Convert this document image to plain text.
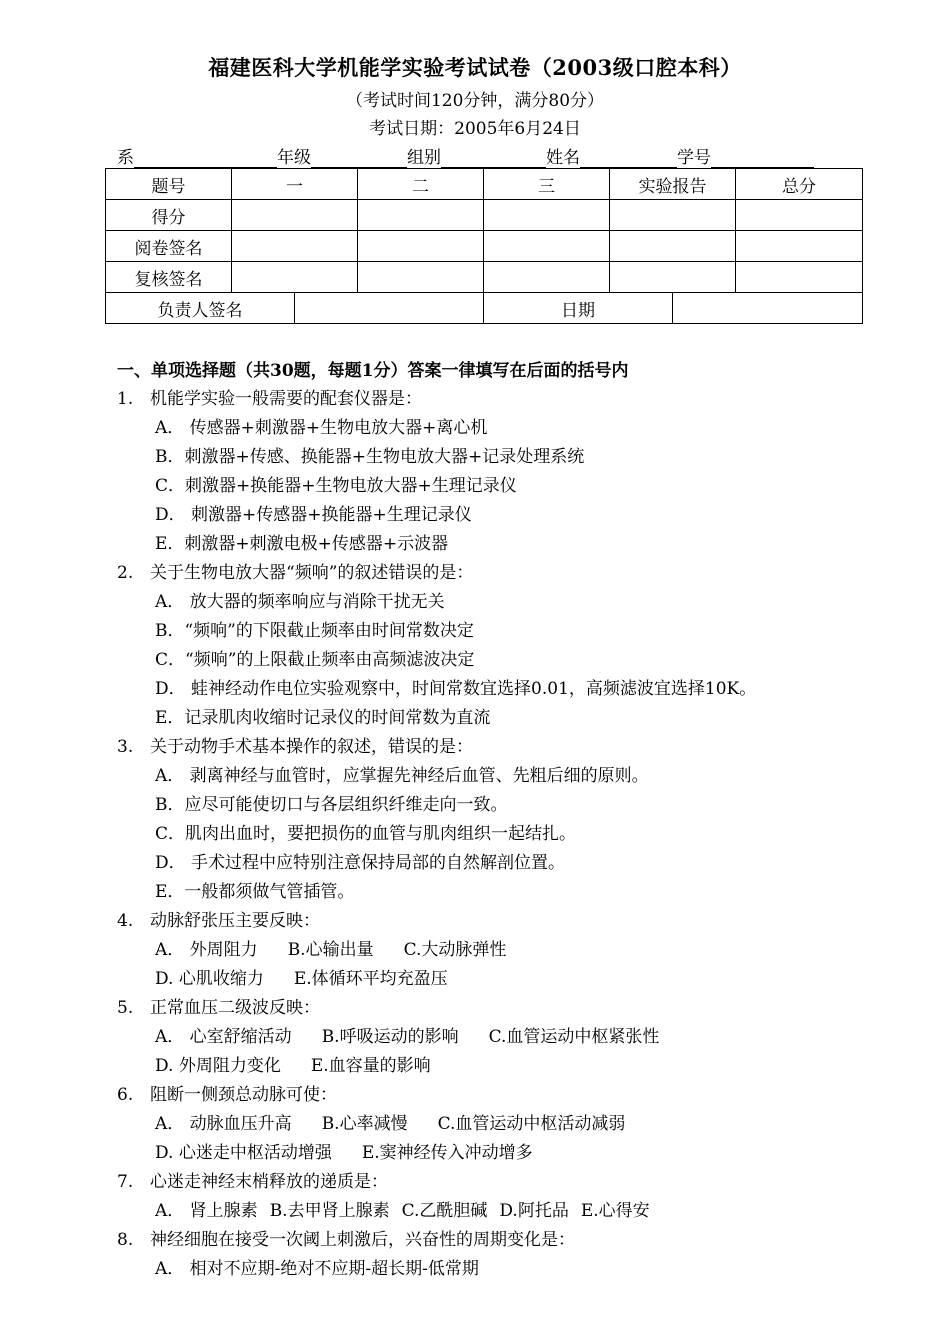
福建医科大学机能学实验考试试卷（2003级口腔本科）
（考试时间120分钟，满分80分）
考试日期：2005年6月24日
系	年级	组别	姓名	学号
题号	一		二	三	实验报告		总分
得分							
阅卷签名							
复核签名							
负责人签名				日期			
一、单项选择题（共30题，每题1分）答案一律填写在后面的括号内
1. 机能学实验一般需要的配套仪器是：
A． 传感器+刺激器+生物电放大器+离心机
B．刺激器+传感、换能器+生物电放大器+记录处理系统
C．刺激器+换能器+生物电放大器+生理记录仪
D． 刺激器+传感器+换能器+生理记录仪
E．刺激器+刺激电极+传感器+示波器
2. 关于生物电放大器“频响”的叙述错误的是：
A． 放大器的频率响应与消除干扰无关
B．“频响”的下限截止频率由时间常数决定
C．“频响”的上限截止频率由高频滤波决定
D． 蛙神经动作电位实验观察中，时间常数宜选择0.01，高频滤波宜选择10K。
E．记录肌肉收缩时记录仪的时间常数为直流
3. 关于动物手术基本操作的叙述，错误的是：
A． 剥离神经与血管时，应掌握先神经后血管、先粗后细的原则。
B．应尽可能使切口与各层组织纤维走向一致。
C．肌肉出血时，要把损伤的血管与肌肉组织一起结扎。
D． 手术过程中应特别注意保持局部的自然解剖位置。
E．一般都须做气管插管。
4. 动脉舒张压主要反映：
A． 外周阻力 B.心输出量 C.大动脉弹性
D. 心肌收缩力 E.体循环平均充盈压
5. 正常血压二级波反映：
A． 心室舒缩活动 B.呼吸运动的影响 C.血管运动中枢紧张性
D. 外周阻力变化 E.血容量的影响
6. 阻断一侧颈总动脉可使：
A． 动脉血压升高 B.心率减慢 C.血管运动中枢活动减弱
D. 心迷走中枢活动增强 E.窦神经传入冲动增多
7. 心迷走神经末梢释放的递质是：
A． 肾上腺素 B.去甲肾上腺素 C.乙酰胆碱 D.阿托品 E.心得安
8. 神经细胞在接受一次阈上刺激后，兴奋性的周期变化是：
A． 相对不应期-绝对不应期-超长期-低常期
